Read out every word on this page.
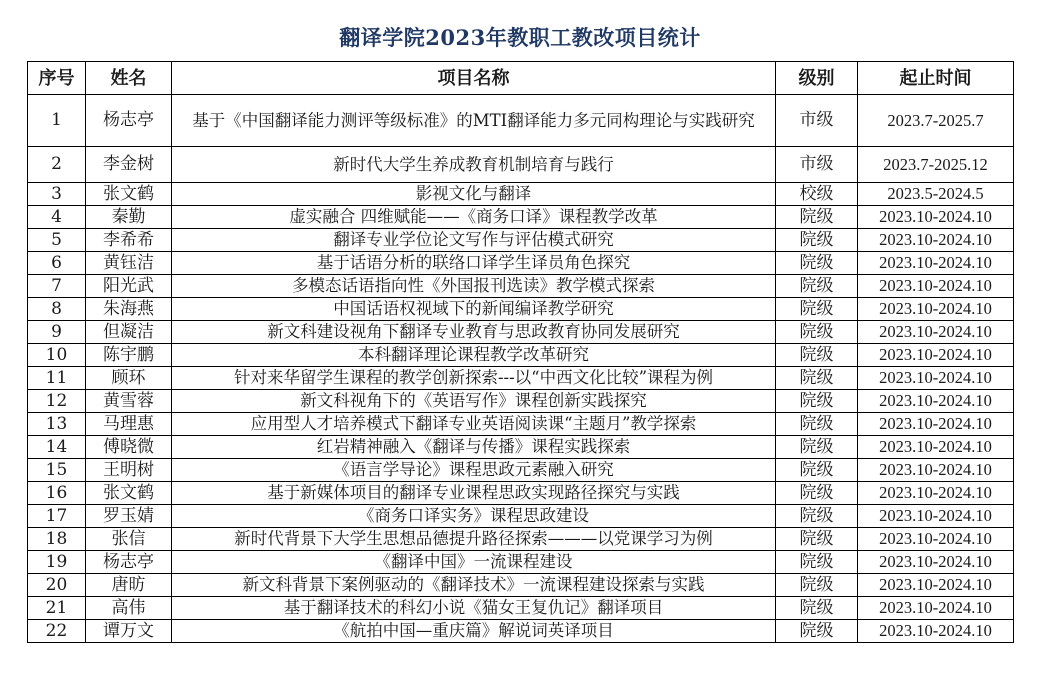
翻译学院2023年教职工教改项目统计
序号	姓名	项目名称	级别	起止时间
1	杨志亭	基于《中国翻译能力测评等级标准》的MTI翻译能力多元同构理论与实践研究	市级	2023.7-2025.7
2	李金树	新时代大学生养成教育机制培育与践行	市级	2023.7-2025.12
3	张文鹤	影视文化与翻译	校级	2023.5-2024.5
4	秦勤	虚实融合 四维赋能——《商务口译》课程教学改革	院级	2023.10-2024.10
5	李希希	翻译专业学位论文写作与评估模式研究	院级	2023.10-2024.10
6	黄钰洁	基于话语分析的联络口译学生译员角色探究	院级	2023.10-2024.10
7	阳光武	多模态话语指向性《外国报刊选读》教学模式探索	院级	2023.10-2024.10
8	朱海燕	中国话语权视域下的新闻编译教学研究	院级	2023.10-2024.10
9	但凝洁	新文科建设视角下翻译专业教育与思政教育协同发展研究	院级	2023.10-2024.10
10	陈宇鹏	本科翻译理论课程教学改革研究	院级	2023.10-2024.10
11	顾环	针对来华留学生课程的教学创新探索---以“中西文化比较”课程为例	院级	2023.10-2024.10
12	黄雪蓉	新文科视角下的《英语写作》课程创新实践探究	院级	2023.10-2024.10
13	马理惠	应用型人才培养模式下翻译专业英语阅读课“主题月”教学探索	院级	2023.10-2024.10
14	傅晓微	红岩精神融入《翻译与传播》课程实践探索	院级	2023.10-2024.10
15	王明树	《语言学导论》课程思政元素融入研究	院级	2023.10-2024.10
16	张文鹤	基于新媒体项目的翻译专业课程思政实现路径探究与实践	院级	2023.10-2024.10
17	罗玉婧	《商务口译实务》课程思政建设	院级	2023.10-2024.10
18	张信	新时代背景下大学生思想品德提升路径探索———以党课学习为例	院级	2023.10-2024.10
19	杨志亭	《翻译中国》一流课程建设	院级	2023.10-2024.10
20	唐昉	新文科背景下案例驱动的《翻译技术》一流课程建设探索与实践	院级	2023.10-2024.10
21	高伟	基于翻译技术的科幻小说《猫女王复仇记》翻译项目	院级	2023.10-2024.10
22	谭万文	《航拍中国—重庆篇》解说词英译项目	院级	2023.10-2024.10
